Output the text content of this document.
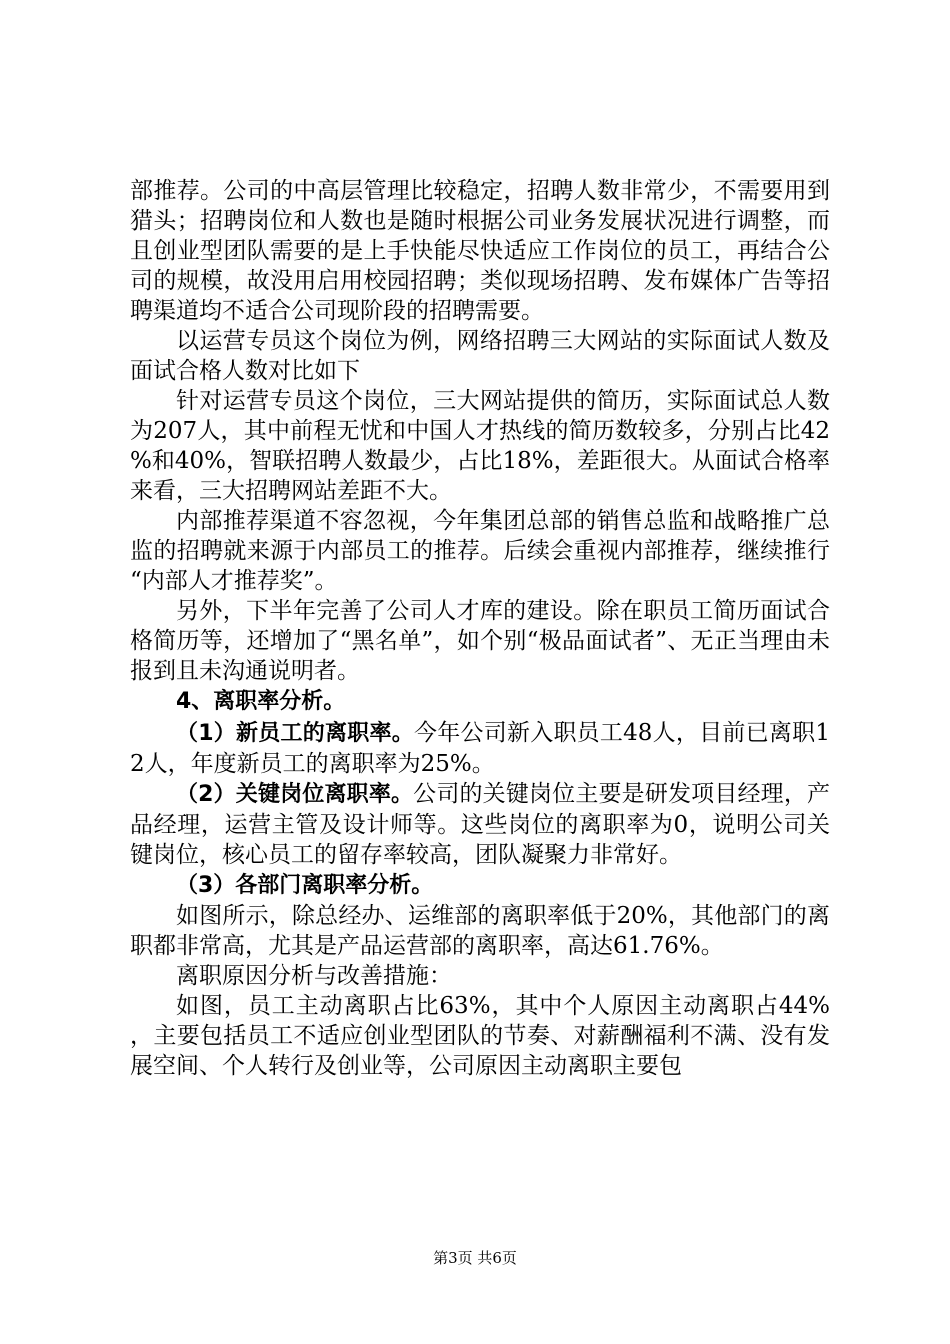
部推荐。公司的中高层管理比较稳定，招聘人数非常少，不需要用到猎头；招聘岗位和人数也是随时根据公司业务发展状况进行调整，而且创业型团队需要的是上手快能尽快适应工作岗位的员工，再结合公司的规模，故没用启用校园招聘；类似现场招聘、发布媒体广告等招聘渠道均不适合公司现阶段的招聘需要。

以运营专员这个岗位为例，网络招聘三大网站的实际面试人数及面试合格人数对比如下

针对运营专员这个岗位，三大网站提供的简历，实际面试总人数为207人，其中前程无忧和中国人才热线的简历数较多，分别占比42%和40%，智联招聘人数最少，占比18%，差距很大。从面试合格率来看，三大招聘网站差距不大。

内部推荐渠道不容忽视，今年集团总部的销售总监和战略推广总监的招聘就来源于内部员工的推荐。后续会重视内部推荐，继续推行“内部人才推荐奖”。

另外，下半年完善了公司人才库的建设。除在职员工简历面试合格简历等，还增加了“黑名单”，如个别“极品面试者”、无正当理由未报到且未沟通说明者。

4、离职率分析。

（1）新员工的离职率。今年公司新入职员工48人，目前已离职12人，年度新员工的离职率为25%。

（2）关键岗位离职率。公司的关键岗位主要是研发项目经理，产品经理，运营主管及设计师等。这些岗位的离职率为0，说明公司关键岗位，核心员工的留存率较高，团队凝聚力非常好。

（3）各部门离职率分析。

如图所示，除总经办、运维部的离职率低于20%，其他部门的离职都非常高，尤其是产品运营部的离职率，高达61.76%。

离职原因分析与改善措施：

如图，员工主动离职占比63%，其中个人原因主动离职占44%，主要包括员工不适应创业型团队的节奏、对薪酬福利不满、没有发展空间、个人转行及创业等，公司原因主动离职主要包

第3页 共6页
